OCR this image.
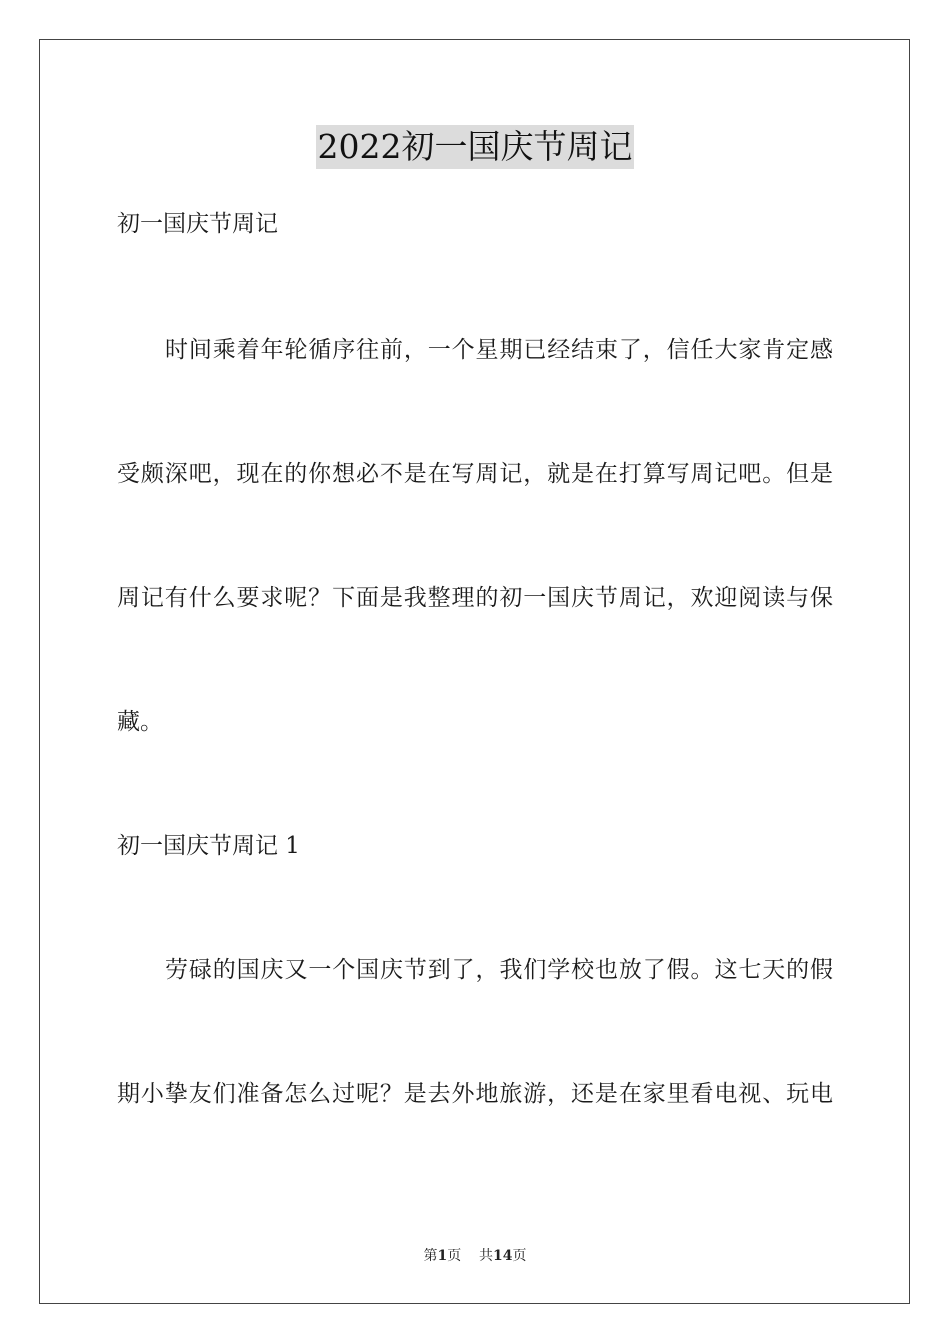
2022初一国庆节周记
初一国庆节周记
时间乘着年轮循序往前，一个星期已经结束了，信任大家肯定感
受颇深吧，现在的你想必不是在写周记，就是在打算写周记吧。但是
周记有什么要求呢？下面是我整理的初一国庆节周记，欢迎阅读与保
藏。
初一国庆节周记 1
劳碌的国庆又一个国庆节到了，我们学校也放了假。这七天的假
期小挚友们准备怎么过呢？是去外地旅游，还是在家里看电视、玩电
第1页 共14页
